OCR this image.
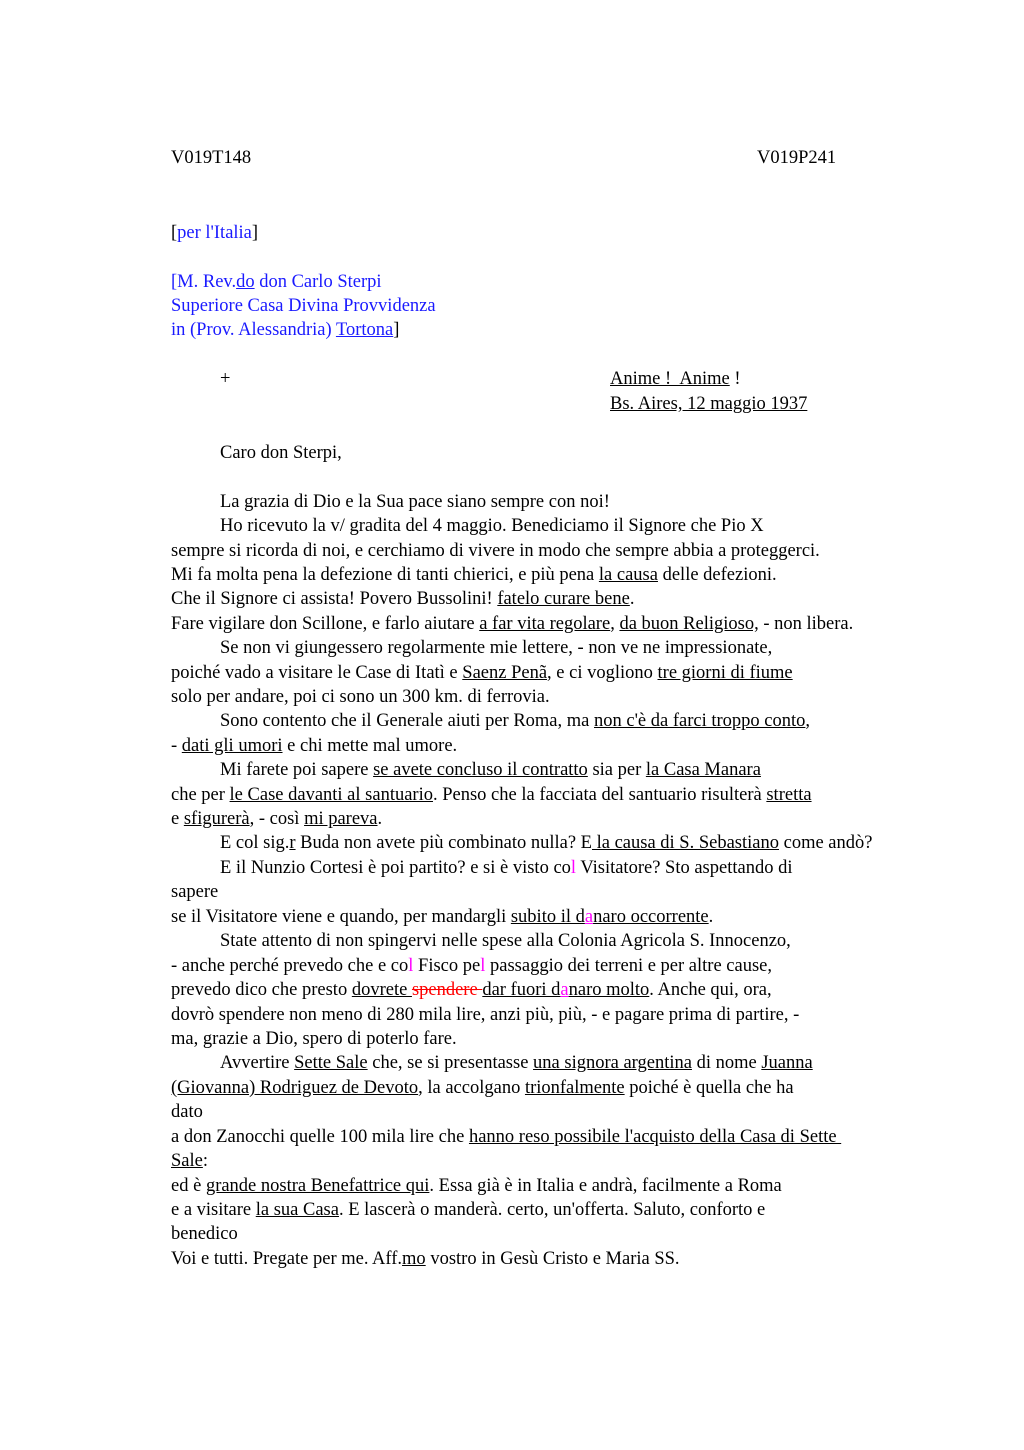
V019T148	V019P241
[per l'Italia]
[M. Rev.do don Carlo Sterpi
Superiore Casa Divina Provvidenza
in (Prov. Alessandria) Tortona]
+	Anime !  Anime !
Bs. Aires, 12 maggio 1937
Caro don Sterpi,
La grazia di Dio e la Sua pace siano sempre con noi!
Ho ricevuto la v/ gradita del 4 maggio. Benediciamo il Signore che Pio X
sempre si ricorda di noi, e cerchiamo di vivere in modo che sempre abbia a proteggerci.
Mi fa molta pena la defezione di tanti chierici, e più pena la causa delle defezioni.
Che il Signore ci assista! Povero Bussolini! fatelo curare bene.
Fare vigilare don Scillone, e farlo aiutare a far vita regolare, da buon Religioso, - non libera.
Se non vi giungessero regolarmente mie lettere, - non ve ne impressionate,
poiché vado a visitare le Case di Itatì e Saenz Penã, e ci vogliono tre giorni di fiume
solo per andare, poi ci sono un 300 km. di ferrovia.
Sono contento che il Generale aiuti per Roma, ma non c'è da farci troppo conto,
- dati gli umori e chi mette mal umore.
Mi farete poi sapere se avete concluso il contratto sia per la Casa Manara
che per le Case davanti al santuario. Penso che la facciata del santuario risulterà stretta
e sfigurerà, - così mi pareva.
E col sig.r Buda non avete più combinato nulla? E la causa di S. Sebastiano come andò?
E il Nunzio Cortesi è poi partito? e si è visto col Visitatore? Sto aspettando di
sapere
se il Visitatore viene e quando, per mandargli subito il danaro occorrente.
State attento di non spingervi nelle spese alla Colonia Agricola S. Innocenzo,
- anche perché prevedo che e col Fisco pel passaggio dei terreni e per altre cause,
prevedo dico che presto dovrete spendere dar fuori danaro molto. Anche qui, ora,
dovrò spendere non meno di 280 mila lire, anzi più, più, - e pagare prima di partire, -
ma, grazie a Dio, spero di poterlo fare.
Avvertire Sette Sale che, se si presentasse una signora argentina di nome Juanna
(Giovanna) Rodriguez de Devoto, la accolgano trionfalmente poiché è quella che ha
dato
a don Zanocchi quelle 100 mila lire che hanno reso possibile l'acquisto della Casa di Sette
Sale:
ed è grande nostra Benefattrice qui. Essa già è in Italia e andrà, facilmente a Roma
e a visitare la sua Casa. E lascerà o manderà. certo, un'offerta. Saluto, conforto e
benedico
Voi e tutti. Pregate per me. Aff.mo vostro in Gesù Cristo e Maria SS.
